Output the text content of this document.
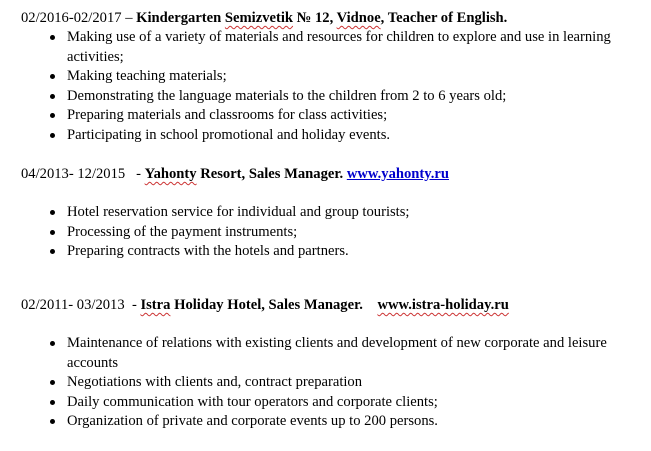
02/2016-02/2017 – Kindergarten Semizvetik № 12, Vidnoe, Teacher of English.
Making use of a variety of materials and resources for children to explore and use in learning activities;
Making teaching materials;
Demonstrating the language materials to the children from 2 to 6 years old;
Preparing materials and classrooms for class activities;
Participating in school promotional and holiday events.
04/2013- 12/2015   - Yahonty Resort, Sales Manager. www.yahonty.ru
Hotel reservation service for individual and group tourists;
Processing of the payment instruments;
Preparing contracts with the hotels and partners.
02/2011- 03/2013  - Istra Holiday Hotel, Sales Manager.    www.istra-holiday.ru
Maintenance of relations with existing clients and development of new corporate and leisure accounts
Negotiations with clients and, contract preparation
Daily communication with tour operators and corporate clients;
Organization of private and corporate events up to 200 persons.
